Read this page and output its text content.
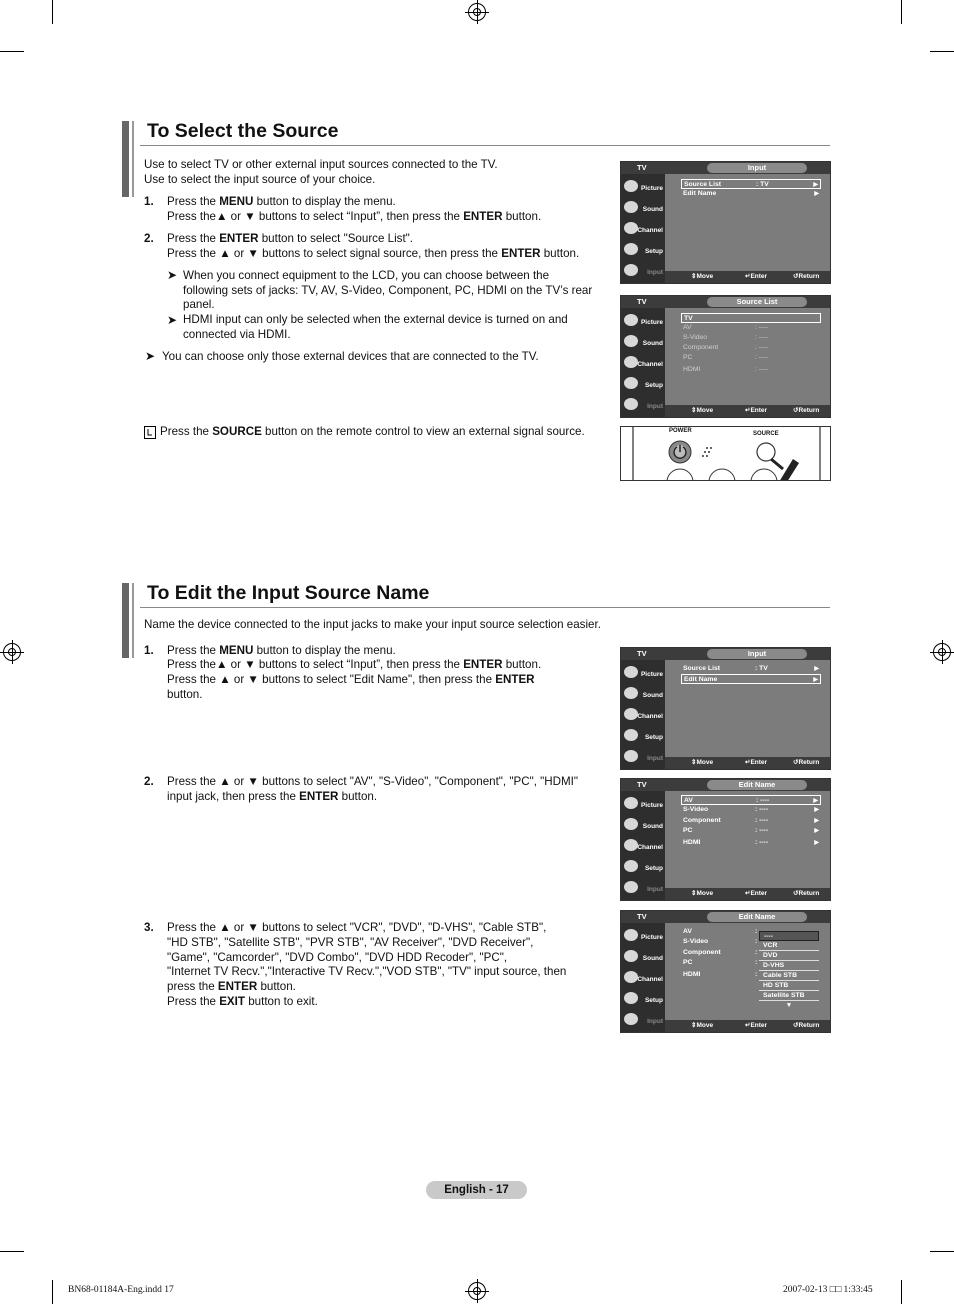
To Select the Source
Use to select TV or other external input sources connected to the TV.
Use to select the input source of your choice.
1. Press the MENU button to display the menu.
Press the▲ or ▼ buttons to select “Input”, then press the ENTER button.
2. Press the ENTER button to select "Source List".
Press the ▲ or ▼ buttons to select signal source, then press the ENTER button.
➤ When you connect equipment to the LCD, you can choose between the
following sets of jacks: TV, AV, S-Video, Component, PC, HDMI on the TV’s rear
panel.
➤ HDMI input can only be selected when the external device is turned on and
connected via HDMI.
➤ You can choose only those external devices that are connected to the TV.
Press the SOURCE button on the remote control to view an external signal source.
TV	Input
Picture
Sound
Channel
Setup
Input
Source List	: TV	▶
Edit Name	▶
⇕ Move	↵ Enter	↺ Return
TV	Source List
Picture
Sound
Channel
Setup
Input
TV
AV	: ----
S-Video	: ----
Component	: ----
PC	: ----
HDMI	: ----
⇕ Move	↵ Enter	↺ Return
POWER	SOURCE
To Edit the Input Source Name
Name the device connected to the input jacks to make your input source selection easier.
1. Press the MENU button to display the menu.
Press the▲ or ▼ buttons to select “Input”, then press the ENTER button.
Press the ▲ or ▼ buttons to select "Edit Name", then press the ENTER
button.
2. Press the ▲ or ▼ buttons to select "AV", "S-Video", "Component", "PC", "HDMI"
input jack, then press the ENTER button.
3. Press the ▲ or ▼ buttons to select "VCR", "DVD", "D-VHS", "Cable STB",
"HD STB", "Satellite STB", "PVR STB", "AV Receiver", "DVD Receiver",
"Game", "Camcorder", "DVD Combo", "DVD HDD Recoder", "PC",
"Internet TV Recv.","Interactive TV Recv.","VOD STB", "TV" input source, then
press the ENTER button.
Press the EXIT button to exit.
TV	Input
Picture
Sound
Channel
Setup
Input
Source List	: TV	▶
Edit Name	▶
⇕ Move	↵ Enter	↺ Return
TV	Edit Name
Picture
Sound
Channel
Setup
Input
AV	: ----	▶
S-Video	: ----	▶
Component	: ----	▶
PC	: ----	▶
HDMI	: ----	▶
⇕ Move	↵ Enter	↺ Return
TV	Edit Name
Picture
Sound
Channel
Setup
Input
AV	:
S-Video	:
Component	:
PC	:
HDMI	:
----
VCR
DVD
D-VHS
Cable STB
HD STB
Satellite STB
▼
⇕ Move	↵ Enter	↺ Return
English - 17
BN68-01184A-Eng.indd 17	2007-02-13 □□ 1:33:45
